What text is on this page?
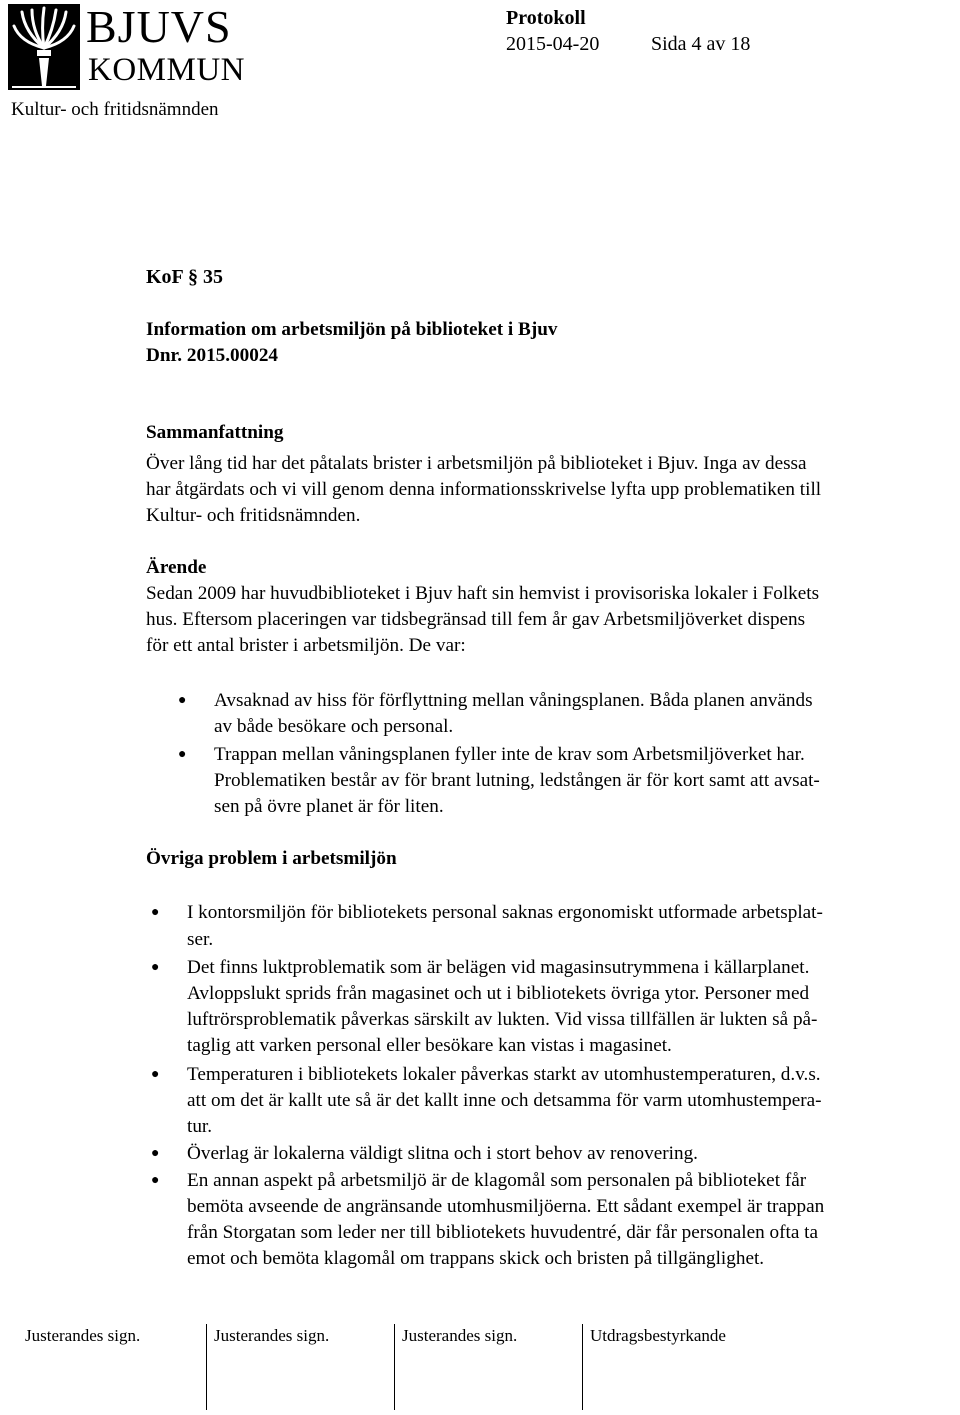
BJUVS
KOMMUN
Kultur- och fritidsnämnden
Protokoll
2015-04-20	Sida 4 av 18
KoF § 35
Information om arbetsmiljön på biblioteket i Bjuv
Dnr. 2015.00024
Sammanfattning
Över lång tid har det påtalats brister i arbetsmiljön på biblioteket i Bjuv. Inga av dessa
har åtgärdats och vi vill genom denna informationsskrivelse lyfta upp problematiken till
Kultur- och fritidsnämnden.
Ärende
Sedan 2009 har huvudbiblioteket i Bjuv haft sin hemvist i provisoriska lokaler i Folkets
hus. Eftersom placeringen var tidsbegränsad till fem år gav Arbetsmiljöverket dispens
för ett antal brister i arbetsmiljön. De var:
● Avsaknad av hiss för förflyttning mellan våningsplanen. Båda planen används
av både besökare och personal.
● Trappan mellan våningsplanen fyller inte de krav som Arbetsmiljöverket har.
Problematiken består av för brant lutning, ledstången är för kort samt att avsat-
sen på övre planet är för liten.
Övriga problem i arbetsmiljön
● I kontorsmiljön för bibliotekets personal saknas ergonomiskt utformade arbetsplat-
ser.
● Det finns luktproblematik som är belägen vid magasinsutrymmena i källarplanet.
Avloppslukt sprids från magasinet och ut i bibliotekets övriga ytor. Personer med
luftrörsproblematik påverkas särskilt av lukten. Vid vissa tillfällen är lukten så på-
taglig att varken personal eller besökare kan vistas i magasinet.
● Temperaturen i bibliotekets lokaler påverkas starkt av utomhustemperaturen, d.v.s.
att om det är kallt ute så är det kallt inne och detsamma för varm utomhustempera-
tur.
● Överlag är lokalerna väldigt slitna och i stort behov av renovering.
● En annan aspekt på arbetsmiljö är de klagomål som personalen på biblioteket får
bemöta avseende de angränsande utomhusmiljöerna. Ett sådant exempel är trappan
från Storgatan som leder ner till bibliotekets huvudentré, där får personalen ofta ta
emot och bemöta klagomål om trappans skick och bristen på tillgänglighet.
Justerandes sign.	Justerandes sign.	Justerandes sign.	Utdragsbestyrkande
